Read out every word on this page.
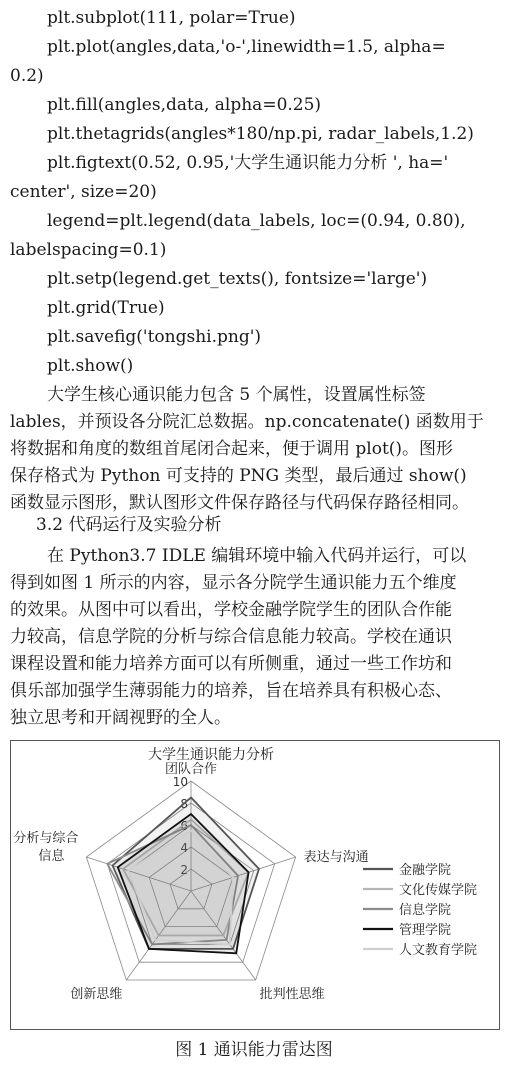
plt.subplot(111, polar=True)
plt.plot(angles,data,'o-',linewidth=1.5, alpha=
0.2)
plt.fill(angles,data, alpha=0.25)
plt.thetagrids(angles*180/np.pi, radar_labels,1.2)
plt.figtext(0.52, 0.95,'大学生通识能力分析 ', ha='
center', size=20)
legend=plt.legend(data_labels, loc=(0.94, 0.80),
labelspacing=0.1)
plt.setp(legend.get_texts(), fontsize='large')
plt.grid(True)
plt.savefig('tongshi.png')
plt.show()
大学生核心通识能力包含 5 个属性，设置属性标签
lables，并预设各分院汇总数据。np.concatenate() 函数用于
将数据和角度的数组首尾闭合起来，便于调用 plot()。图形
保存格式为 Python 可支持的 PNG 类型，最后通过 show()
函数显示图形，默认图形文件保存路径与代码保存路径相同。
3.2 代码运行及实验分析
在 Python3.7 IDLE 编辑环境中输入代码并运行，可以
得到如图 1 所示的内容，显示各分院学生通识能力五个维度
的效果。从图中可以看出，学校金融学院学生的团队合作能
力较高，信息学院的分析与综合信息能力较高。学校在通识
课程设置和能力培养方面可以有所侧重，通过一些工作坊和
俱乐部加强学生薄弱能力的培养，旨在培养具有积极心态、
独立思考和开阔视野的全人。
大学生通识能力分析
2
4
6
8
10
团队合作
表达与沟通
批判性思维
创新思维
分析与综合信息
金融学院
文化传媒学院
信息学院
管理学院
人文教育学院
图 1 通识能力雷达图
